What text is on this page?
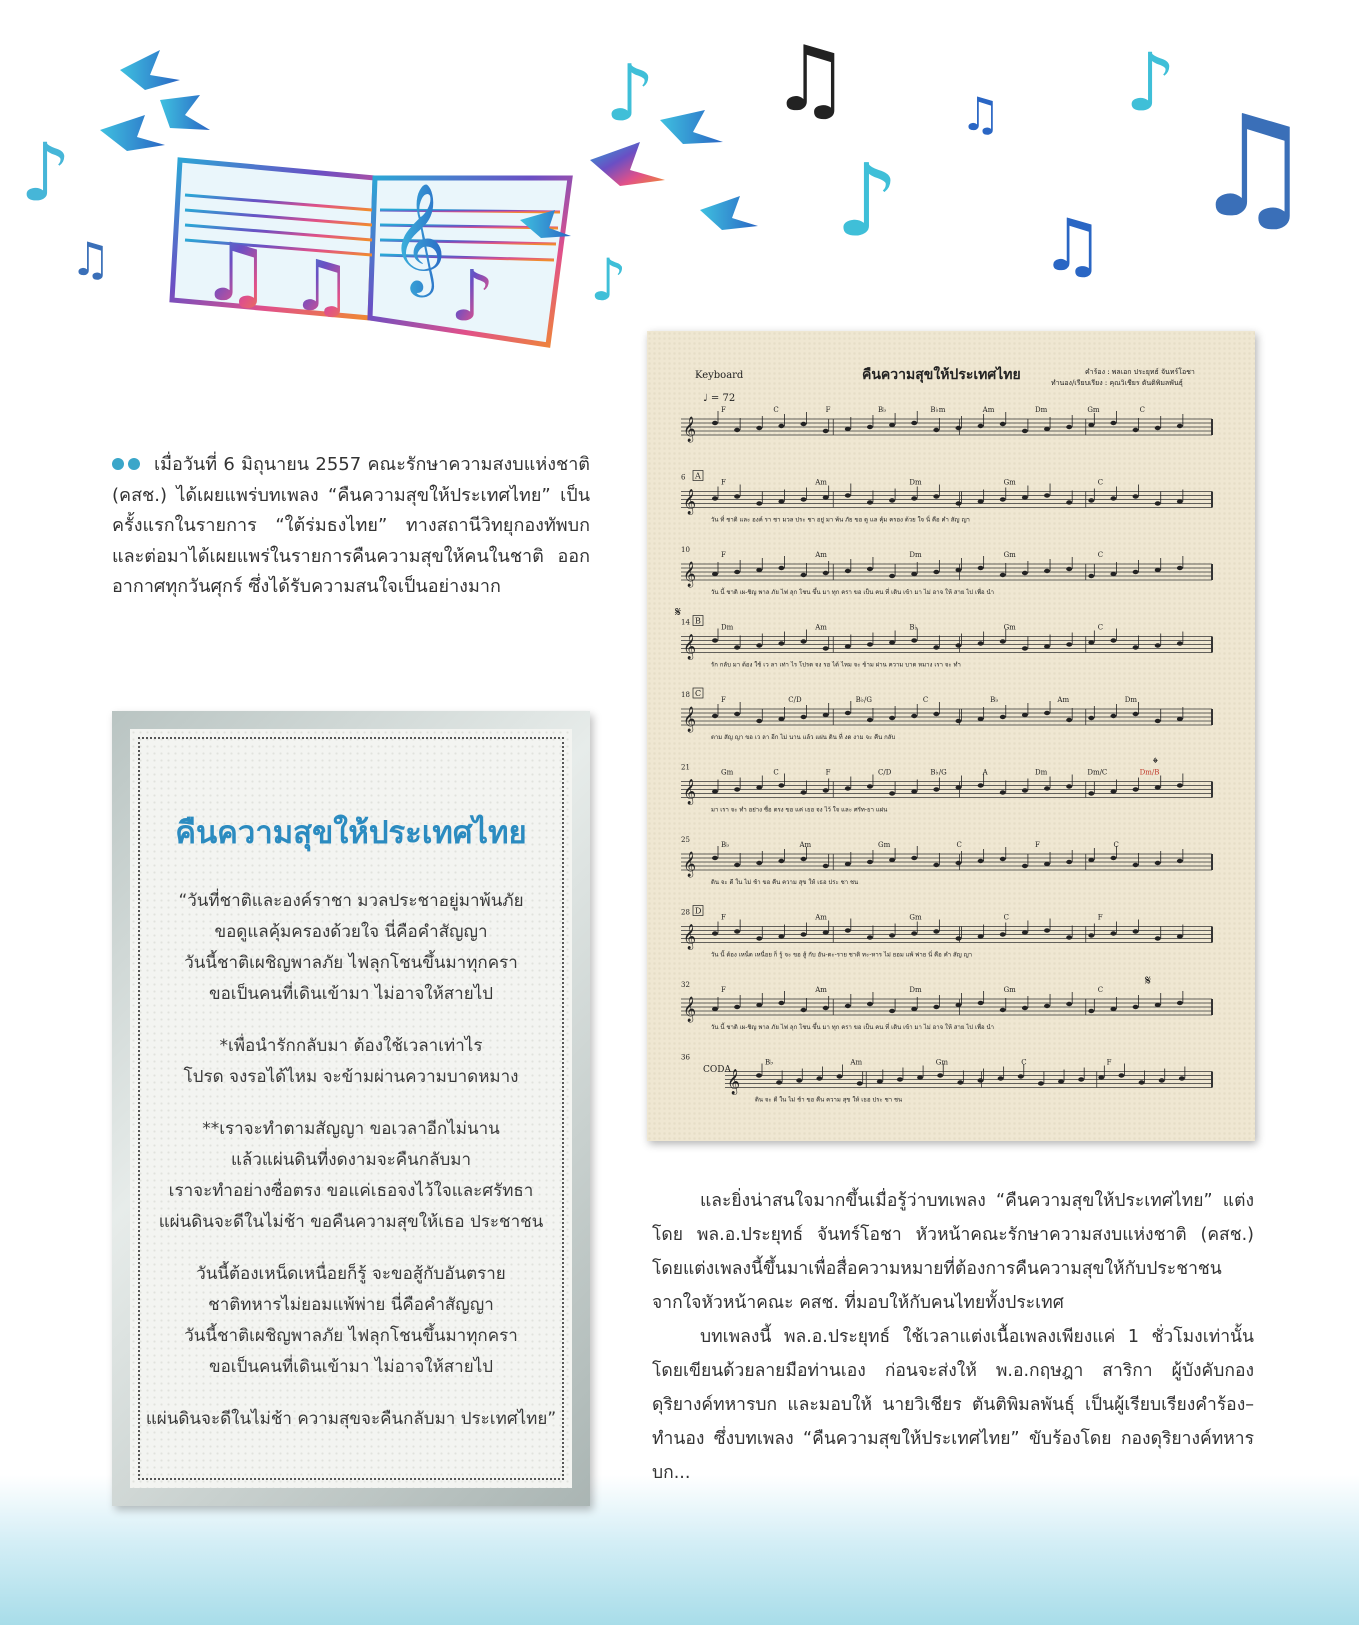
♫ ♫ 𝄞
♪
♪
♫
♪
♪
♫
♪
♫
♫
♪
♫
เมื่อวันที่ 6 มิถุนายน 2557 คณะรักษาความสงบแห่งชาติ (คสช.) ได้เผยแพร่บทเพลง “คืนความสุขให้ประเทศไทย” เป็นครั้งแรกในรายการ “ใต้ร่มธงไทย” ทางสถานีวิทยุกองทัพบก และต่อมาได้เผยแพร่ในรายการคืนความสุขให้คนในชาติ ออกอากาศทุกวันศุกร์ ซึ่งได้รับความสนใจเป็นอย่างมาก
คืนความสุขให้ประเทศไทย
“วันที่ชาติและองค์ราชา มวลประชาอยู่มาพ้นภัย
ขอดูแลคุ้มครองด้วยใจ นี่คือคำสัญญา
วันนี้ชาติเผชิญพาลภัย ไฟลุกโชนขึ้นมาทุกครา
ขอเป็นคนที่เดินเข้ามา ไม่อาจให้สายไป
*เพื่อนำรักกลับมา ต้องใช้เวลาเท่าไร
โปรด จงรอได้ไหม จะข้ามผ่านความบาดหมาง
**เราจะทำตามสัญญา ขอเวลาอีกไม่นาน
แล้วแผ่นดินที่งดงามจะคืนกลับมา
เราจะทำอย่างซื่อตรง ขอแค่เธอจงไว้ใจและศรัทธา
แผ่นดินจะดีในไม่ช้า ขอคืนความสุขให้เธอ ประชาชน
วันนี้ต้องเหน็ดเหนื่อยก็รู้ จะขอสู้กับอันตราย
ชาติทหารไม่ยอมแพ้พ่าย นี่คือคำสัญญา
วันนี้ชาติเผชิญพาลภัย ไฟลุกโชนขึ้นมาทุกครา
ขอเป็นคนที่เดินเข้ามา ไม่อาจให้สายไป
แผ่นดินจะดีในไม่ช้า ความสุขจะคืนกลับมา ประเทศไทย”
Keyboard	คืนความสุขให้ประเทศไทย	คำร้อง : พลเอก ประยุทธ์ จันทร์โอชา
ทำนอง/เรียบเรียง : คุณวิเชียร ตันติพิมลพันธุ์
♩ = 72
CODA
𝄞
F	C	F	B♭	B♭m	Am	Dm	Gm	C
𝄞
6 A
F	Am	Dm	Gm	C
วัน ที่ ชาติ และ องค์ รา ชา มวล ประ ชา อยู่ มา พ้น ภัย ขอ ดู แล คุ้ม ครอง ด้วย ใจ นี่ คือ คำ สัญ ญา
𝄞
10
F	Am	Dm	Gm	C
วัน นี้ ชาติ เผ-ชิญ พาล ภัย ไฟ ลุก โชน ขึ้น มา ทุก ครา ขอ เป็น คน ที่ เดิน เข้า มา ไม่ อาจ ให้ สาย ไป เพื่อ นำ
𝄞
14 B
Dm	Am	B♭	Gm	C
รัก กลับ มา ต้อง ใช้ เว ลา เท่า ไร โปรด จง รอ ได้ ไหม จะ ข้าม ผ่าน ความ บาด หมาง เรา จะ ทำ
𝄞
18 C
F	C/D	B♭/G	C	B♭	Am	Dm
ตาม สัญ ญา ขอ เว ลา อีก ไม่ นาน แล้ว แผ่น ดิน ที่ งด งาม จะ คืน กลับ
𝄞
21
Gm	C	F	C/D	B♭/G	A	Dm	Dm/C	Dm/B
มา เรา จะ ทำ อย่าง ซื่อ ตรง ขอ แค่ เธอ จง ไว้ ใจ และ ศรัท-ธา แผ่น
𝄞
25
B♭	Am	Gm	C	F	C
ดิน จะ ดี ใน ไม่ ช้า ขอ คืน ความ สุข ให้ เธอ ประ ชา ชน
𝄞
28 D
F	Am	Gm	C	F
วัน นี้ ต้อง เหน็ด เหนื่อย ก็ รู้ จะ ขอ สู้ กับ อัน-ตะ-ราย ชาติ ทะ-หาร ไม่ ยอม แพ้ พ่าย นี่ คือ คำ สัญ ญา
𝄞
32
F	Am	Dm	Gm	C
วัน นี้ ชาติ เผ-ชิญ พาล ภัย ไฟ ลุก โชน ขึ้น มา ทุก ครา ขอ เป็น คน ที่ เดิน เข้า มา ไม่ อาจ ให้ สาย ไป เพื่อ นำ
𝄞
36
B♭	Am	Gm	C	F
ดิน จะ ดี ใน ไม่ ช้า ขอ คืน ความ สุข ให้ เธอ ประ ชา ชน
𝄋
𝄋
𝄌

และยิ่งน่าสนใจมากขึ้นเมื่อรู้ว่าบทเพลง “คืนความสุขให้ประเทศไทย” แต่งโดย พล.อ.ประยุทธ์ จันทร์โอชา หัวหน้าคณะรักษาความสงบแห่งชาติ (คสช.) โดยแต่งเพลงนี้ขึ้นมาเพื่อสื่อความหมายที่ต้องการคืนความสุขให้กับประชาชน จากใจหัวหน้าคณะ คสช. ที่มอบให้กับคนไทยทั้งประเทศ

บทเพลงนี้ พล.อ.ประยุทธ์ ใช้เวลาแต่งเนื้อเพลงเพียงแค่ 1 ชั่วโมงเท่านั้น โดยเขียนด้วยลายมือท่านเอง ก่อนจะส่งให้ พ.อ.กฤษฎา สาริกา ผู้บังคับกองดุริยางค์ทหารบก และมอบให้ นายวิเชียร ตันติพิมลพันธุ์ เป็นผู้เรียบเรียงคำร้อง–ทำนอง ซึ่งบทเพลง “คืนความสุขให้ประเทศไทย” ขับร้องโดย กองดุริยางค์ทหารบก...
